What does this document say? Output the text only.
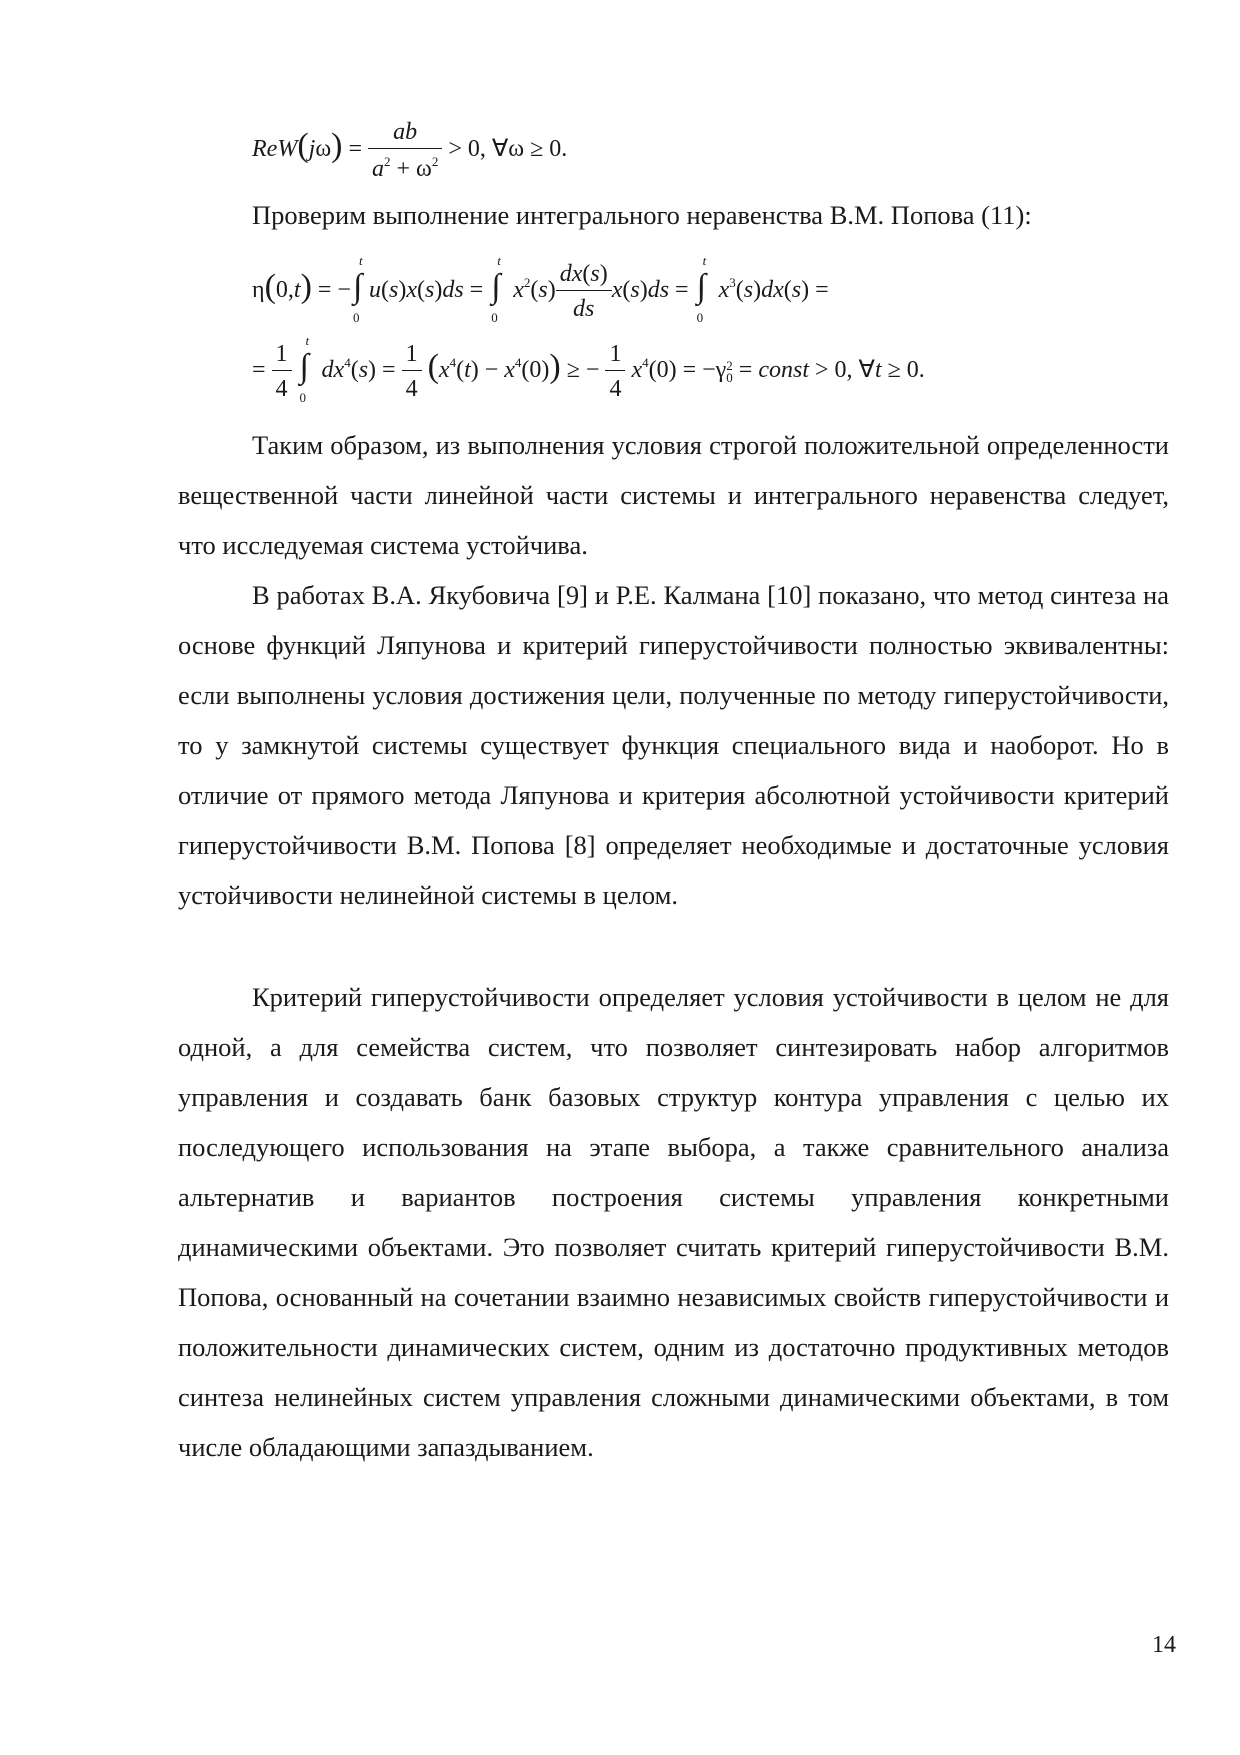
$ReW(j\omega) = \frac{ab}{a^2 + \omega^2} > 0$, ∀ω ≥ 0.
Проверим выполнение интегрального неравенства В.М. Попова (11):
η(0,t) = −∫
t
0
u(s)x(s)ds = ∫
t
0
$x^2(s) \frac{dx(s)}{ds} x(s)ds$ = ∫
t
0
$x^3(s)dx(s)$ =
= $\frac{1}{4}$ ∫
t
0
$dx^4(s) = \frac{1}{4} (x^4(t) - x^4(0))$ ≥ − $\frac{1}{4} x^4(0) = -\gamma$ 2
0 = const > 0, ∀t ≥ 0.
Таким образом, из выполнения условия строгой положительной определенности вещественной части линейной части системы и интегрального неравенства следует, что исследуемая система устойчива.
В работах В.А. Якубовича [9] и Р.Е. Калмана [10] показано, что метод синтеза на основе функций Ляпунова и критерий гиперустойчивости полностью эквивалентны: если выполнены условия достижения цели, полученные по методу гиперустойчивости, то у замкнутой системы существует функция специального вида и наоборот. Но в отличие от прямого метода Ляпунова и критерия абсолютной устойчивости критерий гиперустойчивости В.М. Попова [8] определяет необходимые и достаточные условия устойчивости нелинейной системы в целом.
Критерий гиперустойчивости определяет условия устойчивости в целом не для одной, а для семейства систем, что позволяет синтезировать набор алгоритмов управления и создавать банк базовых структур контура управления с целью их последующего использования на этапе выбора, а также сравнительного анализа альтернатив и вариантов построения системы управления конкретными динамическими объектами. Это позволяет считать критерий гиперустойчивости В.М. Попова, основанный на сочетании взаимно независимых свойств гиперустойчивости и положительности динамических систем, одним из достаточно продуктивных методов синтеза нелинейных систем управления сложными динамическими объектами, в том числе обладающими запаздыванием.
14
